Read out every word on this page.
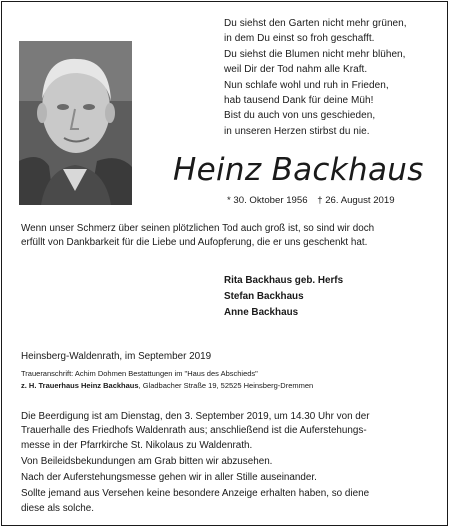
Du siehst den Garten nicht mehr grünen,
in dem Du einst so froh geschafft.
Du siehst die Blumen nicht mehr blühen,
weil Dir der Tod nahm alle Kraft.
Nun schlafe wohl und ruh in Frieden,
hab tausend Dank für deine Müh!
Bist du auch von uns geschieden,
in unseren Herzen stirbst du nie.
Heinz Backhaus
* 30. Oktober 1956 † 26. August 2019
Wenn unser Schmerz über seinen plötzlichen Tod auch groß ist, so sind wir doch
erfüllt von Dankbarkeit für die Liebe und Aufopferung, die er uns geschenkt hat.
Rita Backhaus geb. Herfs
Stefan Backhaus
Anne Backhaus
Heinsberg-Waldenrath, im September 2019
Traueranschrift: Achim Dohmen Bestattungen im "Haus des Abschieds"
z. H. Trauerhaus Heinz Backhaus, Gladbacher Straße 19, 52525 Heinsberg-Dremmen
Die Beerdigung ist am Dienstag, den 3. September 2019, um 14.30 Uhr von der
Trauerhalle des Friedhofs Waldenrath aus; anschließend ist die Auferstehungs-
messe in der Pfarrkirche St. Nikolaus zu Waldenrath.
Von Beileidsbekundungen am Grab bitten wir abzusehen.
Nach der Auferstehungsmesse gehen wir in aller Stille auseinander.
Sollte jemand aus Versehen keine besondere Anzeige erhalten haben, so diene
diese als solche.
